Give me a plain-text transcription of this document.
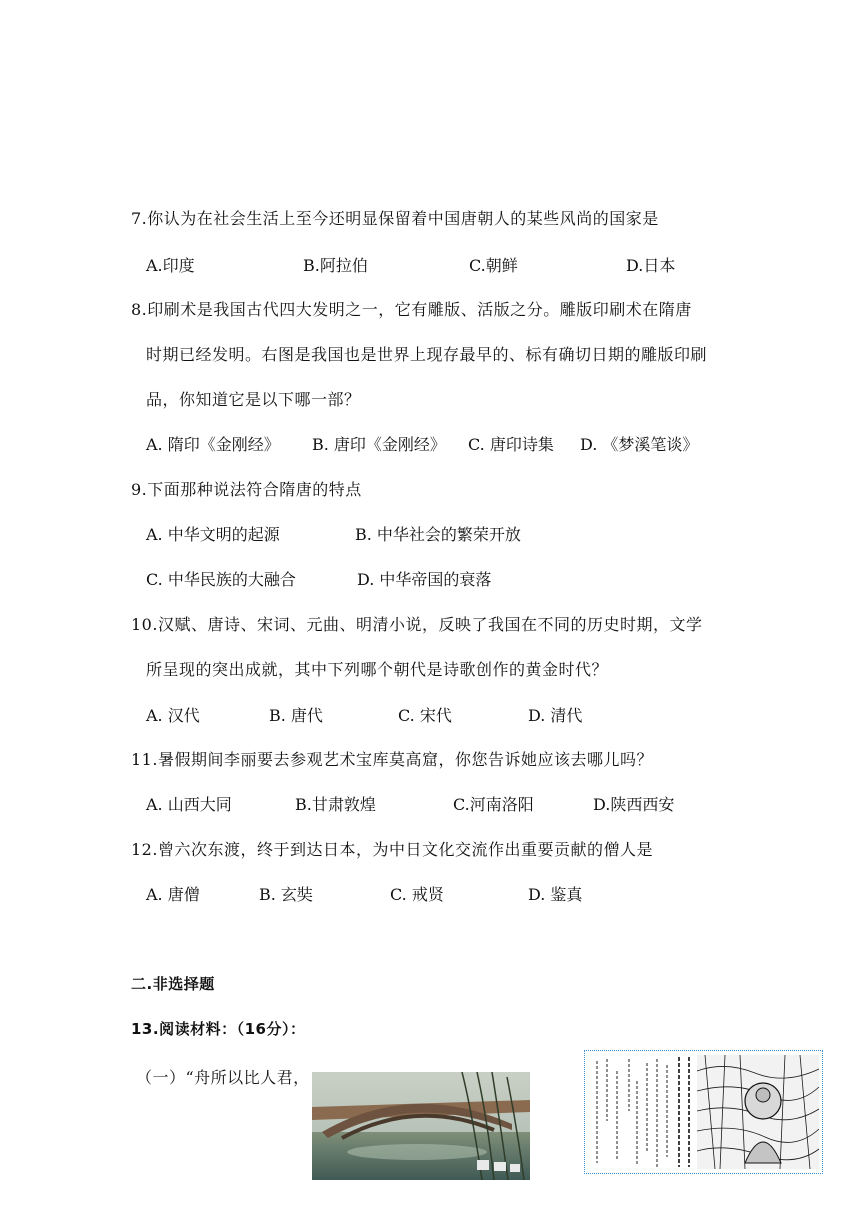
7.你认为在社会生活上至今还明显保留着中国唐朝人的某些风尚的国家是
A.印度	B.阿拉伯	C.朝鲜	D.日本
8.印刷术是我国古代四大发明之一，它有雕版、活版之分。雕版印刷术在隋唐
时期已经发明。右图是我国也是世界上现存最早的、标有确切日期的雕版印刷
品，你知道它是以下哪一部？
A. 隋印《金刚经》 B. 唐印《金刚经》 C. 唐印诗集 D. 《梦溪笔谈》
9.下面那种说法符合隋唐的特点
A. 中华文明的起源	B. 中华社会的繁荣开放
C. 中华民族的大融合	D. 中华帝国的衰落
10.汉赋、唐诗、宋词、元曲、明清小说，反映了我国在不同的历史时期，文学
所呈现的突出成就，其中下列哪个朝代是诗歌创作的黄金时代？
A. 汉代	B. 唐代	C. 宋代	D. 清代
11.暑假期间李丽要去参观艺术宝库莫高窟，你您告诉她应该去哪儿吗？
A. 山西大同	B.甘肃敦煌	C.河南洛阳	D.陕西西安
12.曾六次东渡，终于到达日本，为中日文化交流作出重要贡献的僧人是
A. 唐僧	B. 玄奘	C. 戒贤	D. 鉴真
二.非选择题
13.阅读材料：（16分）：
（一）“舟所以比人君，
